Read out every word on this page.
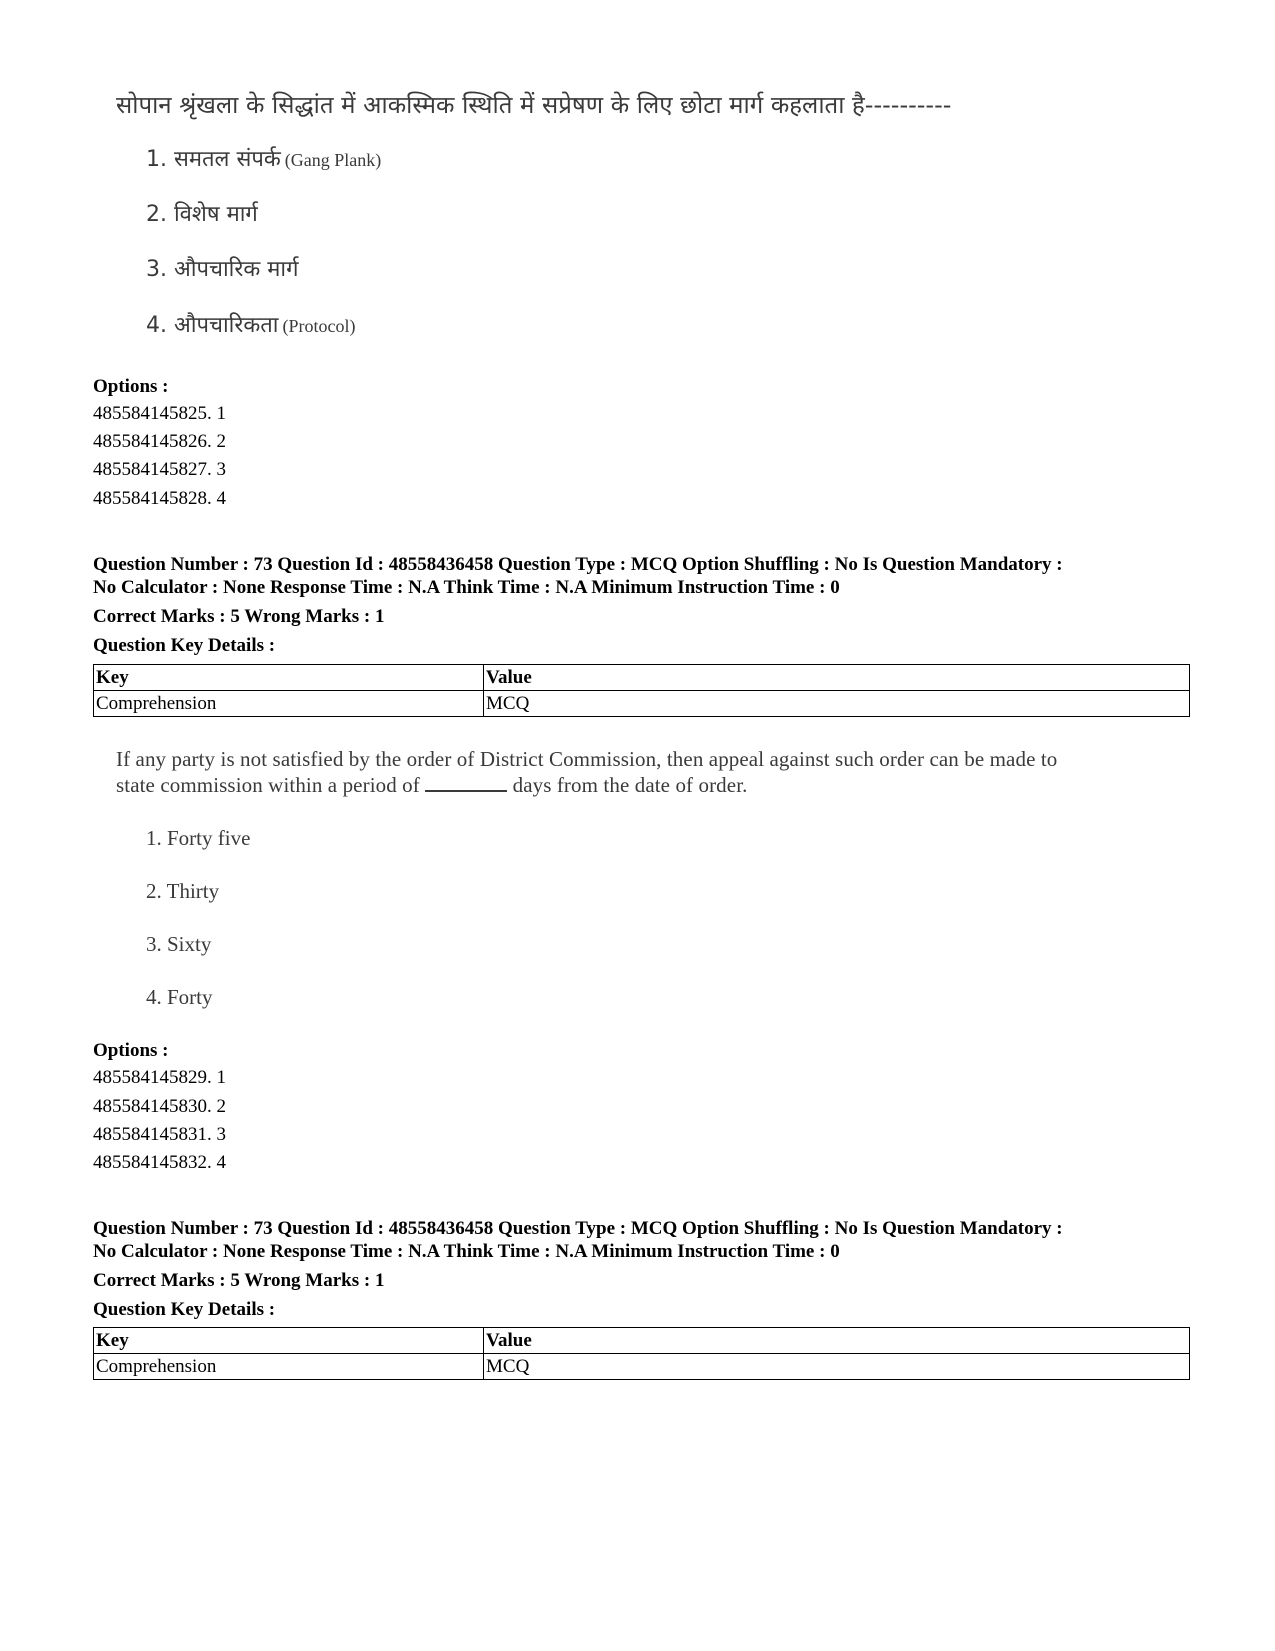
सोपान श्रृंखला के सिद्धांत में आकस्मिक स्थिति में सप्रेषण के लिए छोटा मार्ग कहलाता है----------
1. समतल संपर्क (Gang Plank)
2. विशेष मार्ग
3. औपचारिक मार्ग
4. औपचारिकता (Protocol)
Options :
485584145825. 1
485584145826. 2
485584145827. 3
485584145828. 4
Question Number : 73 Question Id : 48558436458 Question Type : MCQ Option Shuffling : No Is Question Mandatory :
No Calculator : None Response Time : N.A Think Time : N.A Minimum Instruction Time : 0
Correct Marks : 5 Wrong Marks : 1
Question Key Details :
Key	Value
Comprehension	MCQ
If any party is not satisfied by the order of District Commission, then appeal against such order can be made to
state commission within a period of	days from the date of order.
1. Forty five
2. Thirty
3. Sixty
4. Forty
Options :
485584145829. 1
485584145830. 2
485584145831. 3
485584145832. 4
Question Number : 73 Question Id : 48558436458 Question Type : MCQ Option Shuffling : No Is Question Mandatory :
No Calculator : None Response Time : N.A Think Time : N.A Minimum Instruction Time : 0
Correct Marks : 5 Wrong Marks : 1
Question Key Details :
Key	Value
Comprehension	MCQ
